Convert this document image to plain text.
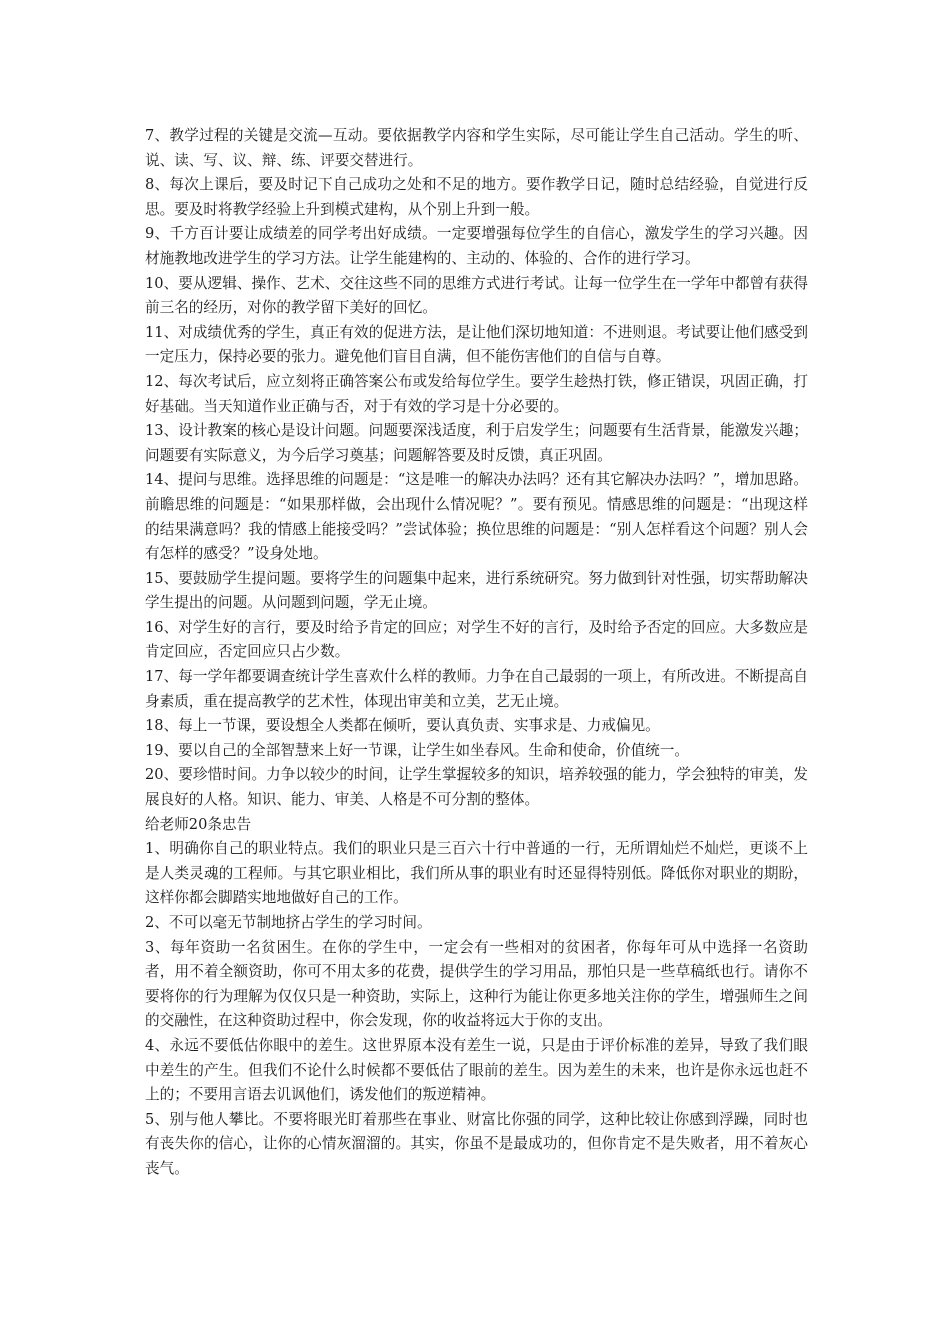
7、教学过程的关键是交流—互动。要依据教学内容和学生实际，尽可能让学生自己活动。学生的听、说、读、写、议、辩、练、评要交替进行。

8、每次上课后，要及时记下自己成功之处和不足的地方。要作教学日记，随时总结经验，自觉进行反思。要及时将教学经验上升到模式建构，从个别上升到一般。

9、千方百计要让成绩差的同学考出好成绩。一定要增强每位学生的自信心，激发学生的学习兴趣。因材施教地改进学生的学习方法。让学生能建构的、主动的、体验的、合作的进行学习。

10、要从逻辑、操作、艺术、交往这些不同的思维方式进行考试。让每一位学生在一学年中都曾有获得前三名的经历，对你的教学留下美好的回忆。

11、对成绩优秀的学生，真正有效的促进方法，是让他们深切地知道：不进则退。考试要让他们感受到一定压力，保持必要的张力。避免他们盲目自满，但不能伤害他们的自信与自尊。

12、每次考试后，应立刻将正确答案公布或发给每位学生。要学生趁热打铁，修正错误，巩固正确，打好基础。当天知道作业正确与否，对于有效的学习是十分必要的。

13、设计教案的核心是设计问题。问题要深浅适度，利于启发学生；问题要有生活背景，能激发兴趣；问题要有实际意义，为今后学习奠基；问题解答要及时反馈，真正巩固。

14、提问与思维。选择思维的问题是：“这是唯一的解决办法吗？还有其它解决办法吗？”，增加思路。前瞻思维的问题是：“如果那样做，会出现什么情况呢？”。要有预见。情感思维的问题是：“出现这样的结果满意吗？我的情感上能接受吗？”尝试体验；换位思维的问题是：“别人怎样看这个问题？别人会有怎样的感受？”设身处地。

15、要鼓励学生提问题。要将学生的问题集中起来，进行系统研究。努力做到针对性强，切实帮助解决学生提出的问题。从问题到问题，学无止境。

16、对学生好的言行，要及时给予肯定的回应；对学生不好的言行，及时给予否定的回应。大多数应是肯定回应，否定回应只占少数。

17、每一学年都要调查统计学生喜欢什么样的教师。力争在自己最弱的一项上，有所改进。不断提高自身素质，重在提高教学的艺术性，体现出审美和立美，艺无止境。

18、每上一节课，要设想全人类都在倾听，要认真负责、实事求是、力戒偏见。

19、要以自己的全部智慧来上好一节课，让学生如坐春风。生命和使命，价值统一。

20、要珍惜时间。力争以较少的时间，让学生掌握较多的知识，培养较强的能力，学会独特的审美，发展良好的人格。知识、能力、审美、人格是不可分割的整体。

给老师20条忠告

1、明确你自己的职业特点。我们的职业只是三百六十行中普通的一行，无所谓灿烂不灿烂，更谈不上是人类灵魂的工程师。与其它职业相比，我们所从事的职业有时还显得特别低。降低你对职业的期盼，这样你都会脚踏实地地做好自己的工作。

2、不可以毫无节制地挤占学生的学习时间。

3、每年资助一名贫困生。在你的学生中，一定会有一些相对的贫困者，你每年可从中选择一名资助者，用不着全额资助，你可不用太多的花费，提供学生的学习用品，那怕只是一些草稿纸也行。请你不要将你的行为理解为仅仅只是一种资助，实际上，这种行为能让你更多地关注你的学生，增强师生之间的交融性，在这种资助过程中，你会发现，你的收益将远大于你的支出。

4、永远不要低估你眼中的差生。这世界原本没有差生一说，只是由于评价标准的差异，导致了我们眼中差生的产生。但我们不论什么时候都不要低估了眼前的差生。因为差生的未来，也许是你永远也赶不上的；不要用言语去讥讽他们，诱发他们的叛逆精神。

5、别与他人攀比。不要将眼光盯着那些在事业、财富比你强的同学，这种比较让你感到浮躁，同时也有丧失你的信心，让你的心情灰溜溜的。其实，你虽不是最成功的，但你肯定不是失败者，用不着灰心丧气。
